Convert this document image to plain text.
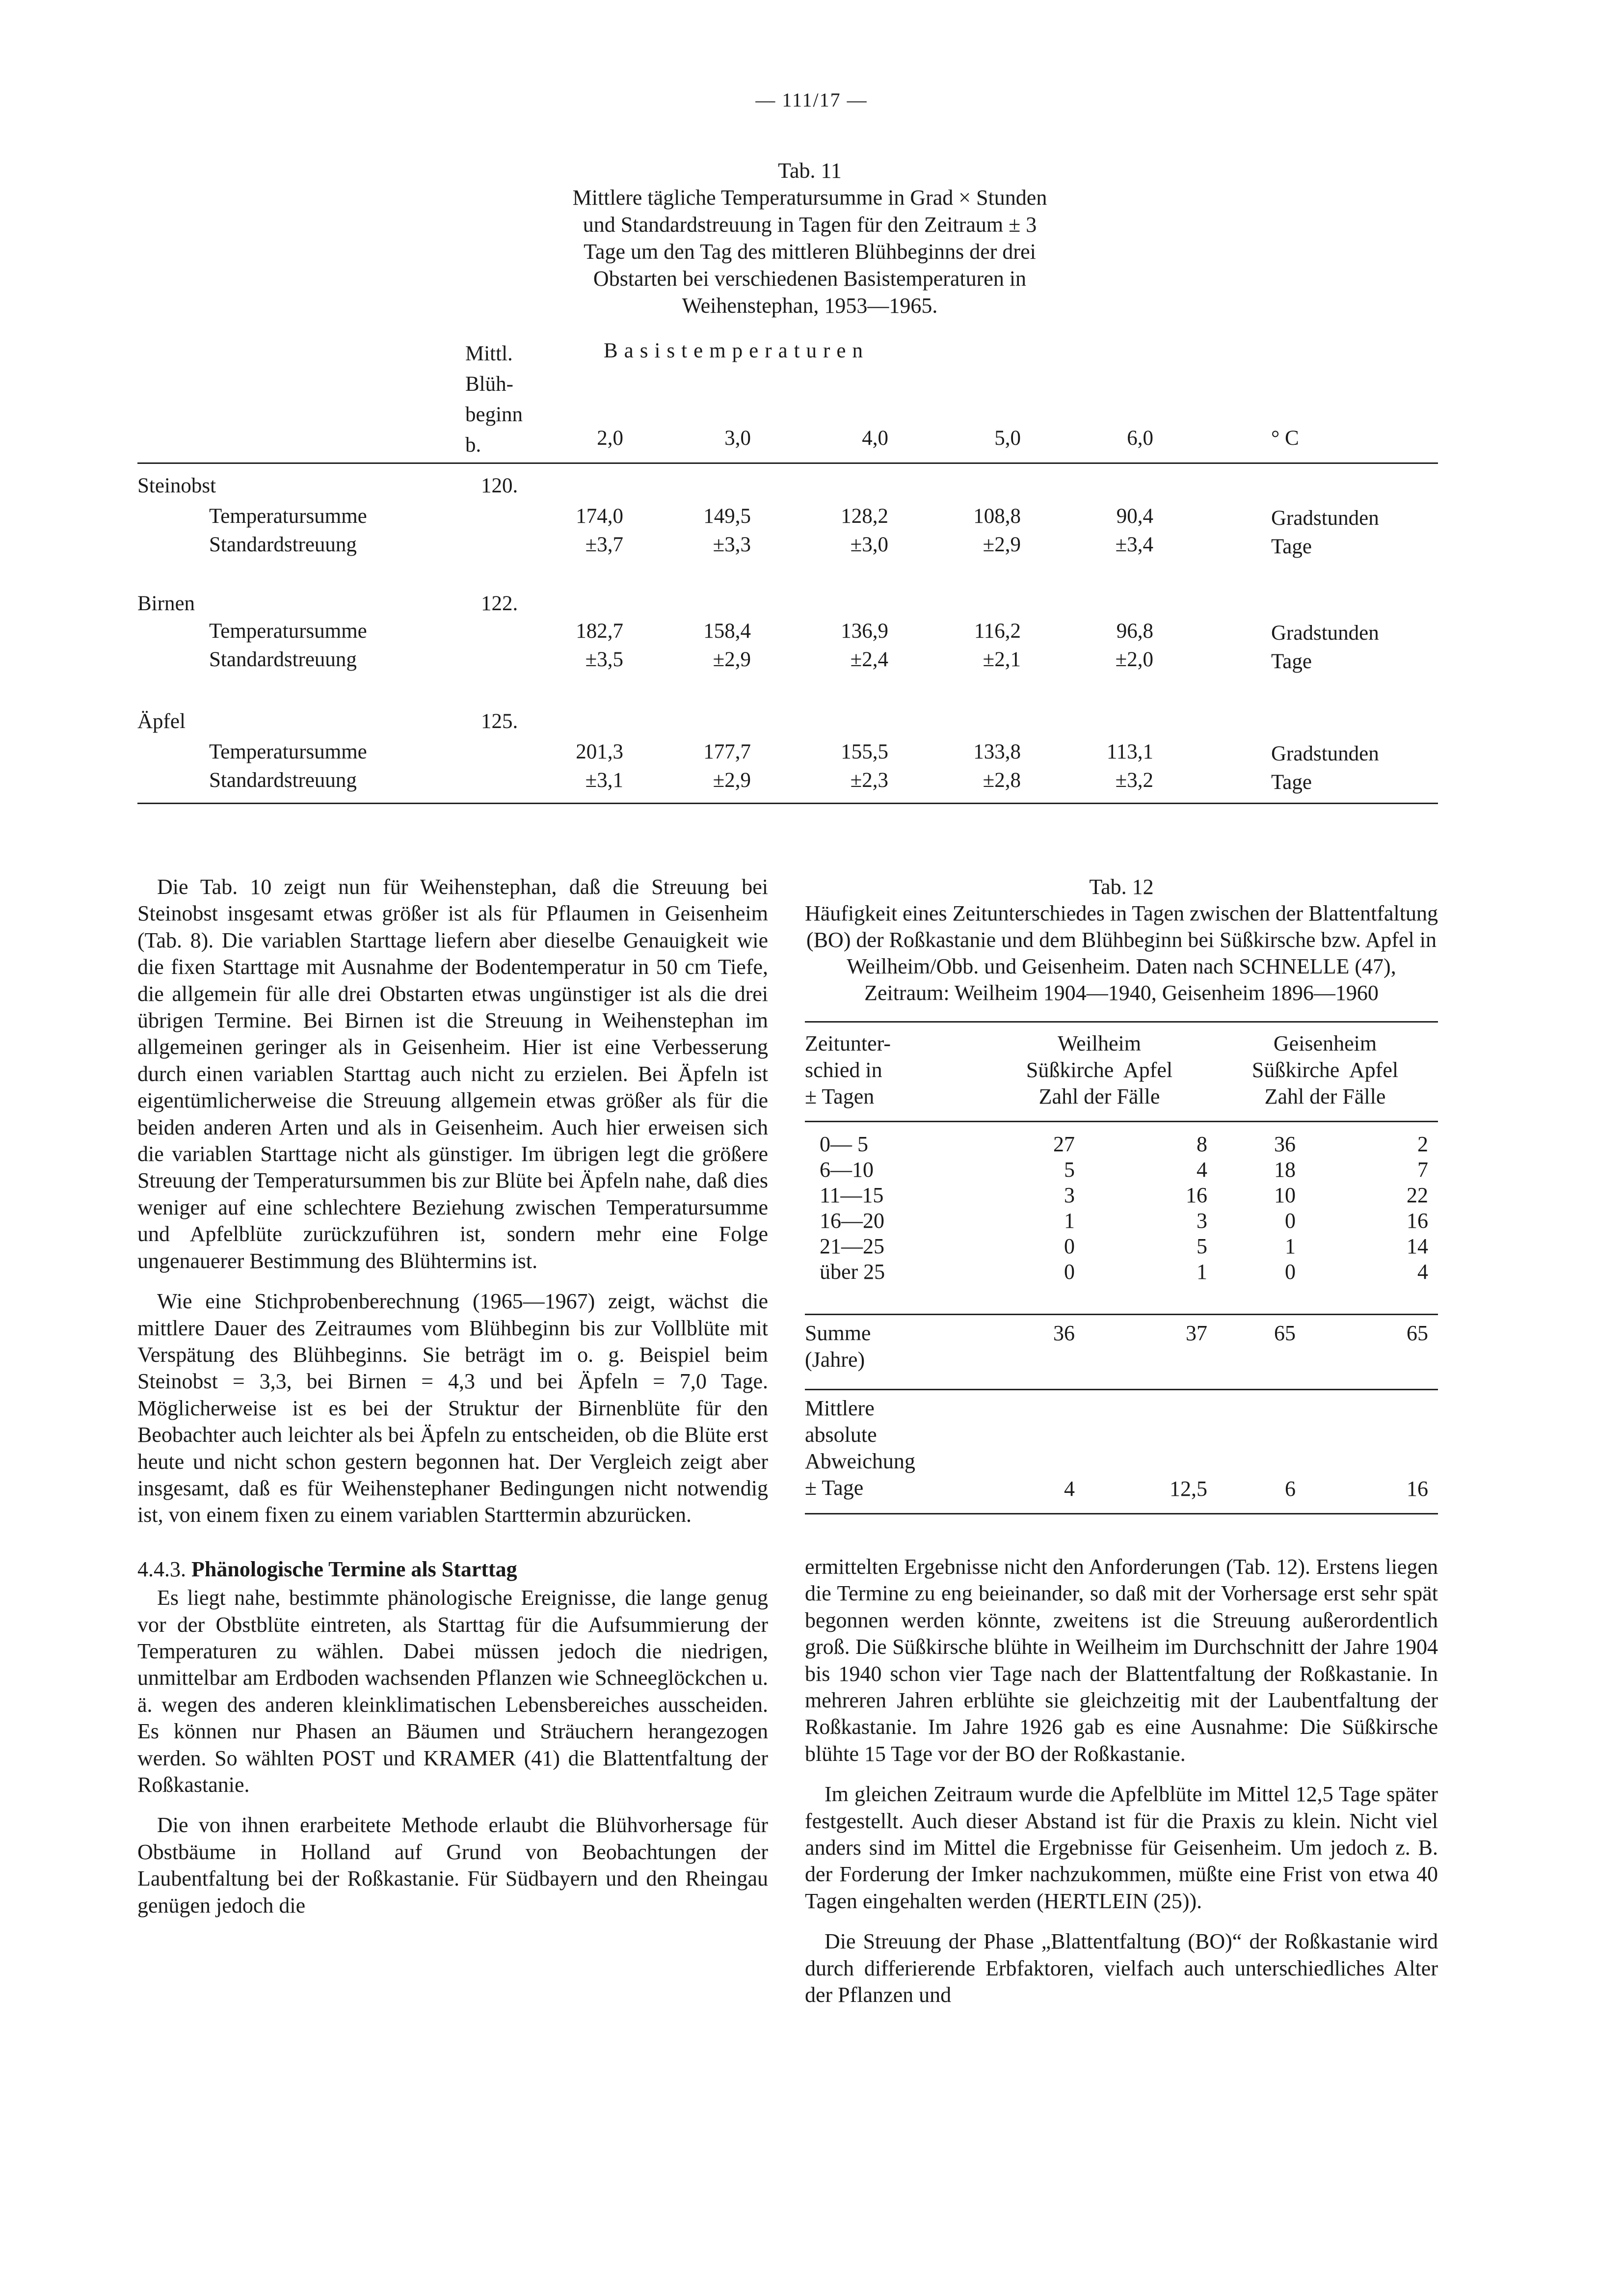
— 111/17 —
Tab. 11
Mittlere tägliche Temperatursumme in Grad × Stunden
und Standardstreuung in Tagen für den Zeitraum ± 3
Tage um den Tag des mittleren Blühbeginns der drei
Obstarten bei verschiedenen Basistemperaturen in
Weihenstephan, 1953—1965.
Mittl.
Blüh-
beginn
b.
Basistemperaturen
2,0	3,0	4,0	5,0	6,0	° C
Steinobst	120.
Temperatursumme	174,0	149,5	128,2	108,8	90,4	Gradstunden
Standardstreuung	±3,7	±3,3	±3,0	±2,9	±3,4	Tage
Birnen	122.
Temperatursumme	182,7	158,4	136,9	116,2	96,8	Gradstunden
Standardstreuung	±3,5	±2,9	±2,4	±2,1	±2,0	Tage
Äpfel	125.
Temperatursumme	201,3	177,7	155,5	133,8	113,1	Gradstunden
Standardstreuung	±3,1	±2,9	±2,3	±2,8	±3,2	Tage

Die Tab. 10 zeigt nun für Weihenstephan, daß die Streuung bei Steinobst insgesamt etwas größer ist als für Pflaumen in Geisenheim (Tab. 8). Die variablen Starttage liefern aber dieselbe Genauigkeit wie die fixen Starttage mit Ausnahme der Bodentemperatur in 50 cm Tiefe, die allgemein für alle drei Obstarten etwas ungünstiger ist als die drei übrigen Termine. Bei Birnen ist die Streuung in Weihenstephan im allgemeinen geringer als in Geisenheim. Hier ist eine Verbesserung durch einen variablen Starttag auch nicht zu erzielen. Bei Äpfeln ist eigentümlicherweise die Streuung allgemein etwas größer als für die beiden anderen Arten und als in Geisenheim. Auch hier erweisen sich die variablen Starttage nicht als günstiger. Im übrigen legt die größere Streuung der Temperatursummen bis zur Blüte bei Äpfeln nahe, daß dies weniger auf eine schlechtere Beziehung zwischen Temperatursumme und Apfelblüte zurückzuführen ist, sondern mehr eine Folge ungenauerer Bestimmung des Blühtermins ist.

Wie eine Stichprobenberechnung (1965—1967) zeigt, wächst die mittlere Dauer des Zeitraumes vom Blühbeginn bis zur Vollblüte mit Verspätung des Blühbeginns. Sie beträgt im o. g. Beispiel beim Steinobst = 3,3, bei Birnen = 4,3 und bei Äpfeln = 7,0 Tage. Möglicherweise ist es bei der Struktur der Birnenblüte für den Beobachter auch leichter als bei Äpfeln zu entscheiden, ob die Blüte erst heute und nicht schon gestern begonnen hat. Der Vergleich zeigt aber insgesamt, daß es für Weihenstephaner Bedingungen nicht notwendig ist, von einem fixen zu einem variablen Starttermin abzurücken.

4.4.3. Phänologische Termine als Starttag

Es liegt nahe, bestimmte phänologische Ereignisse, die lange genug vor der Obstblüte eintreten, als Starttag für die Aufsummierung der Temperaturen zu wählen. Dabei müssen jedoch die niedrigen, unmittelbar am Erdboden wachsenden Pflanzen wie Schneeglöckchen u. ä. wegen des anderen kleinklimatischen Lebensbereiches ausscheiden. Es können nur Phasen an Bäumen und Sträuchern herangezogen werden. So wählten POST und KRAMER (41) die Blattentfaltung der Roßkastanie.

Die von ihnen erarbeitete Methode erlaubt die Blühvorhersage für Obstbäume in Holland auf Grund von Beobachtungen der Laubentfaltung bei der Roßkastanie. Für Südbayern und den Rheingau genügen jedoch die

Tab. 12
Häufigkeit eines Zeitunterschiedes in Tagen zwischen der Blattentfaltung (BO) der Roßkastanie und dem Blühbeginn bei Süßkirsche bzw. Apfel in Weilheim/Obb. und Geisenheim. Daten nach SCHNELLE (47), Zeitraum: Weilheim 1904—1940, Geisenheim 1896—1960
Zeitunter-
schied in
± Tagen
Weilheim
Süßkirche  Apfel
Zahl der Fälle
Geisenheim
Süßkirche  Apfel
Zahl der Fälle
0— 5	27	8	36	2
6—10	5	4	18	7
11—15	3	16	10	22
16—20	1	3	0	16
21—25	0	5	1	14
über 25	0	1	0	4
Summe
(Jahre)
36	37	65	65
Mittlere
absolute
Abweichung
± Tage	4	12,5	6	16

ermittelten Ergebnisse nicht den Anforderungen (Tab. 12). Erstens liegen die Termine zu eng beieinander, so daß mit der Vorhersage erst sehr spät begonnen werden könnte, zweitens ist die Streuung außerordentlich groß. Die Süßkirsche blühte in Weilheim im Durchschnitt der Jahre 1904 bis 1940 schon vier Tage nach der Blattentfaltung der Roßkastanie. In mehreren Jahren erblühte sie gleichzeitig mit der Laubentfaltung der Roßkastanie. Im Jahre 1926 gab es eine Ausnahme: Die Süßkirsche blühte 15 Tage vor der BO der Roßkastanie.

Im gleichen Zeitraum wurde die Apfelblüte im Mittel 12,5 Tage später festgestellt. Auch dieser Abstand ist für die Praxis zu klein. Nicht viel anders sind im Mittel die Ergebnisse für Geisenheim. Um jedoch z. B. der Forderung der Imker nachzukommen, müßte eine Frist von etwa 40 Tagen eingehalten werden (HERTLEIN (25)).

Die Streuung der Phase „Blattentfaltung (BO)“ der Roßkastanie wird durch differierende Erbfaktoren, vielfach auch unterschiedliches Alter der Pflanzen und
